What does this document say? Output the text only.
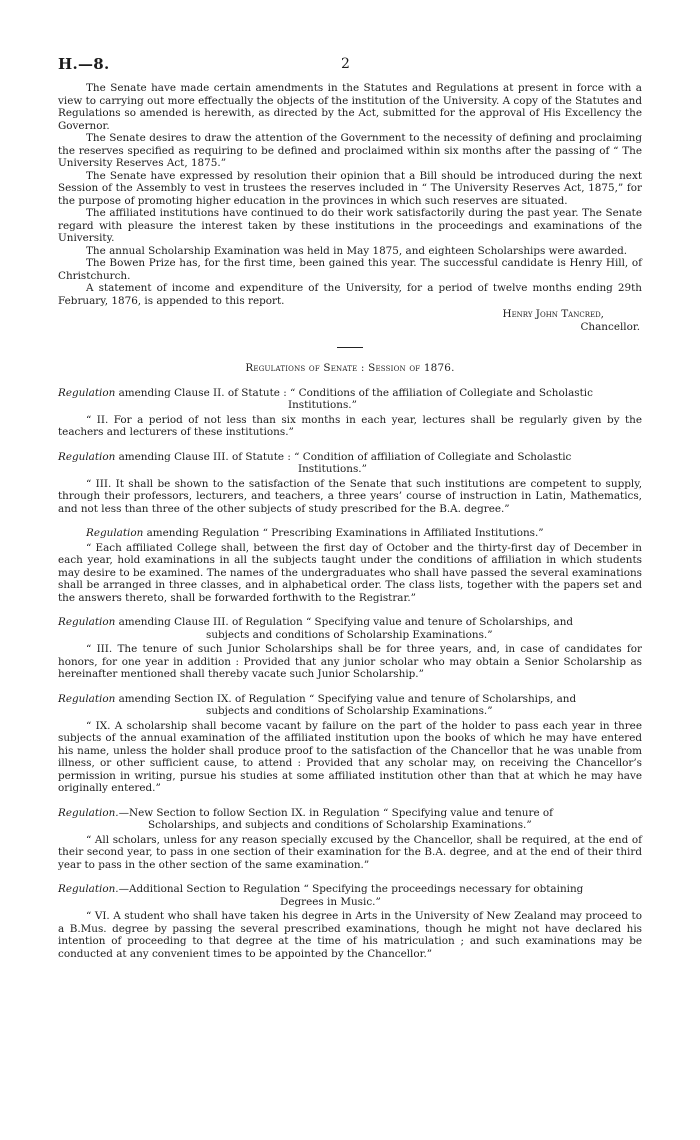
H.—8.	2

The Senate have made certain amendments in the Statutes and Regulations at present in force with a view to carrying out more effectually the objects of the institution of the University. A copy of the Statutes and Regulations so amended is herewith, as directed by the Act, submitted for the approval of His Excellency the Governor.

The Senate desires to draw the attention of the Government to the necessity of defining and proclaiming the reserves specified as requiring to be defined and proclaimed within six months after the passing of “ The University Reserves Act, 1875.”

The Senate have expressed by resolution their opinion that a Bill should be introduced during the next Session of the Assembly to vest in trustees the reserves included in “ The University Reserves Act, 1875,” for the purpose of promoting higher education in the provinces in which such reserves are situated.

The affiliated institutions have continued to do their work satisfactorily during the past year. The Senate regard with pleasure the interest taken by these institutions in the proceedings and examinations of the University.

The annual Scholarship Examination was held in May 1875, and eighteen Scholarships were awarded.

The Bowen Prize has, for the first time, been gained this year. The successful candidate is Henry Hill, of Christchurch.

A statement of income and expenditure of the University, for a period of twelve months ending 29th February, 1876, is appended to this report.

Henry John Tancred,
Chancellor.
Regulations of Senate : Session of 1876.

Regulation amending Clause II. of Statute : “ Conditions of the affiliation of Collegiate and Scholastic

Institutions.”

“ II. For a period of not less than six months in each year, lectures shall be regularly given by the teachers and lecturers of these institutions.”

Regulation amending Clause III. of Statute : “ Condition of affiliation of Collegiate and Scholastic

Institutions.”

“ III. It shall be shown to the satisfaction of the Senate that such institutions are competent to supply, through their professors, lecturers, and teachers, a three years’ course of instruction in Latin, Mathematics, and not less than three of the other subjects of study prescribed for the B.A. degree.”

Regulation amending Regulation “ Prescribing Examinations in Affiliated Institutions.”

“ Each affiliated College shall, between the first day of October and the thirty-first day of December in each year, hold examinations in all the subjects taught under the conditions of affiliation in which students may desire to be examined. The names of the undergraduates who shall have passed the several examinations shall be arranged in three classes, and in alphabetical order. The class lists, together with the papers set and the answers thereto, shall be forwarded forthwith to the Registrar.”

Regulation amending Clause III. of Regulation “ Specifying value and tenure of Scholarships, and

subjects and conditions of Scholarship Examinations.”

“ III. The tenure of such Junior Scholarships shall be for three years, and, in case of candidates for honors, for one year in addition : Provided that any junior scholar who may obtain a Senior Scholarship as hereinafter mentioned shall thereby vacate such Junior Scholarship.”

Regulation amending Section IX. of Regulation “ Specifying value and tenure of Scholarships, and

subjects and conditions of Scholarship Examinations.”

“ IX. A scholarship shall become vacant by failure on the part of the holder to pass each year in three subjects of the annual examination of the affiliated institution upon the books of which he may have entered his name, unless the holder shall produce proof to the satisfaction of the Chancellor that he was unable from illness, or other sufficient cause, to attend : Provided that any scholar may, on receiving the Chancellor’s permission in writing, pursue his studies at some affiliated institution other than that at which he may have originally entered.”

Regulation.—New Section to follow Section IX. in Regulation “ Specifying value and tenure of

Scholarships, and subjects and conditions of Scholarship Examinations.”

“ All scholars, unless for any reason specially excused by the Chancellor, shall be required, at the end of their second year, to pass in one section of their examination for the B.A. degree, and at the end of their third year to pass in the other section of the same examination.”

Regulation.—Additional Section to Regulation “ Specifying the proceedings necessary for obtaining

Degrees in Music.”

“ VI. A student who shall have taken his degree in Arts in the University of New Zealand may proceed to a B.Mus. degree by passing the several prescribed examinations, though he might not have declared his intention of proceeding to that degree at the time of his matriculation ; and such examinations may be conducted at any convenient times to be appointed by the Chancellor.”
